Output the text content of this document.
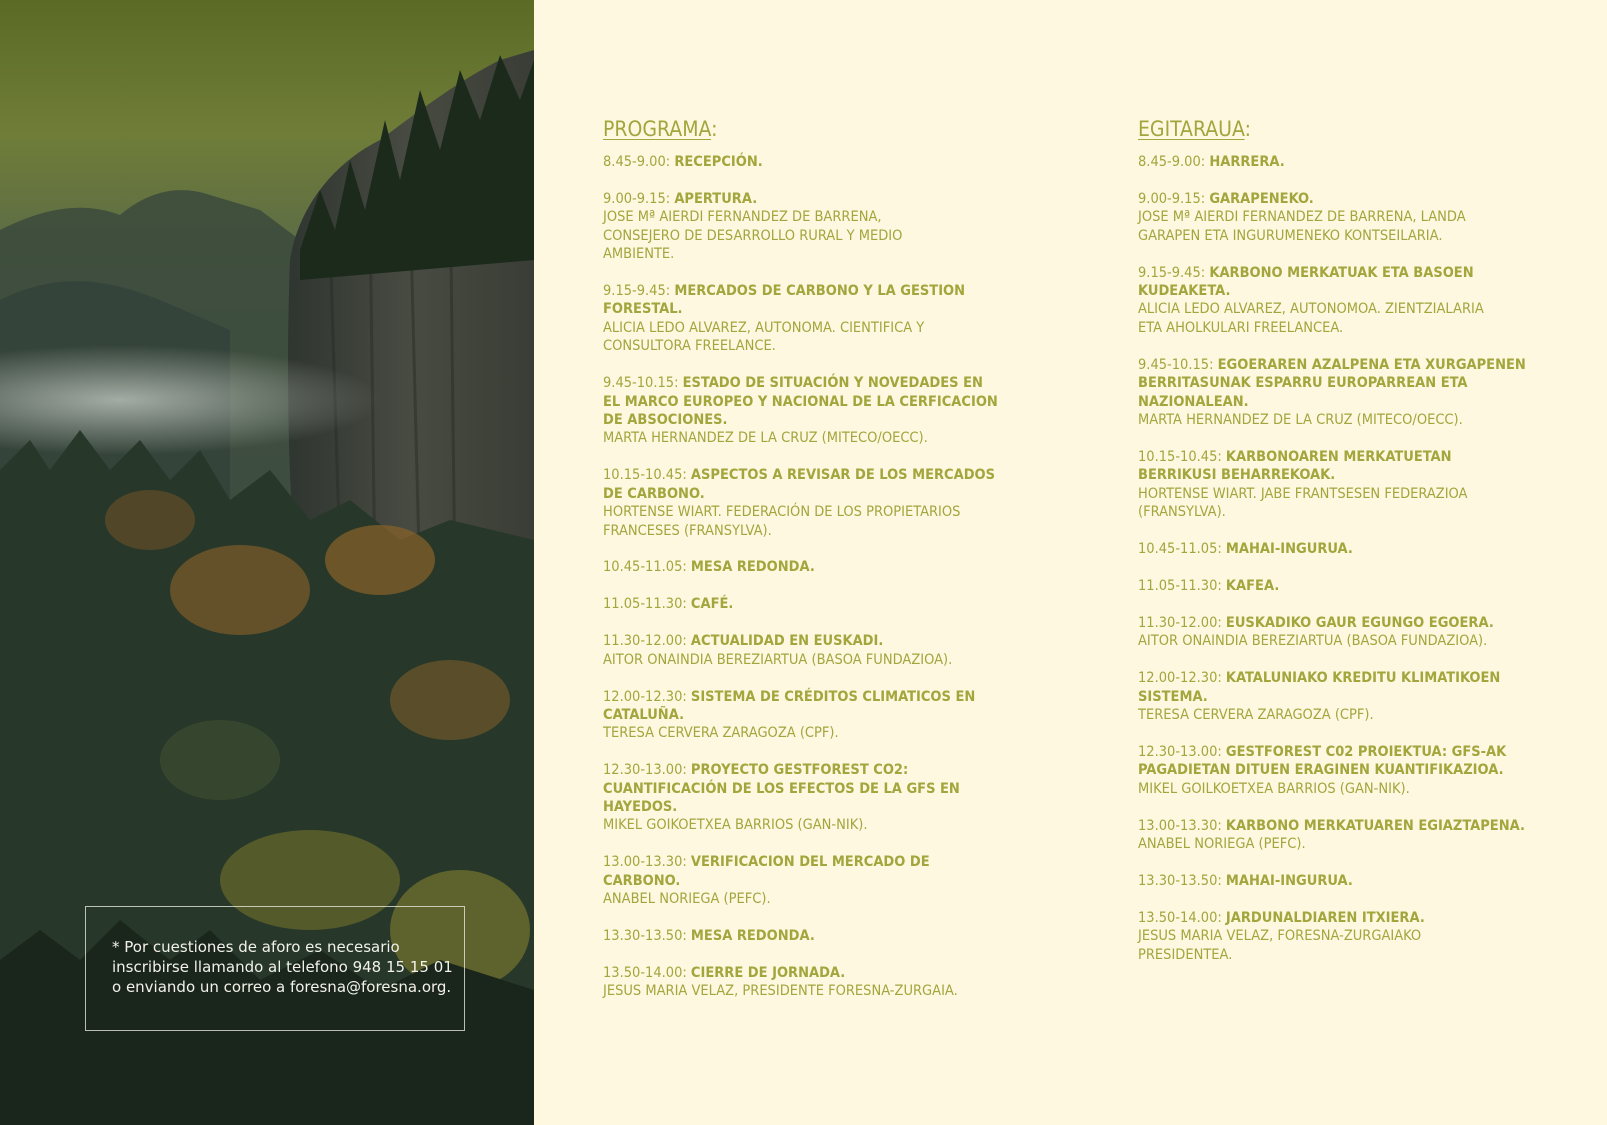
* Por cuestiones de aforo es necesario
inscribirse llamando al telefono 948 15 15 01
o enviando un correo a foresna@foresna.org.
PROGRAMA:
8.45-9.00: RECEPCIÓN.
9.00-9.15: APERTURA.
JOSE Mª AIERDI FERNANDEZ DE BARRENA,
CONSEJERO DE DESARROLLO RURAL Y MEDIO
AMBIENTE.
9.15-9.45: MERCADOS DE CARBONO Y LA GESTION
FORESTAL.
ALICIA LEDO ALVAREZ, AUTONOMA. CIENTIFICA Y
CONSULTORA FREELANCE.
9.45-10.15: ESTADO DE SITUACIÓN Y NOVEDADES EN
EL MARCO EUROPEO Y NACIONAL DE LA CERFICACION
DE ABSOCIONES.
MARTA HERNANDEZ DE LA CRUZ (MITECO/OECC).
10.15-10.45: ASPECTOS A REVISAR DE LOS MERCADOS
DE CARBONO.
HORTENSE WIART. FEDERACIÓN DE LOS PROPIETARIOS
FRANCESES (FRANSYLVA).
10.45-11.05: MESA REDONDA.
11.05-11.30: CAFÉ.
11.30-12.00: ACTUALIDAD EN EUSKADI.
AITOR ONAINDIA BEREZIARTUA (BASOA FUNDAZIOA).
12.00-12.30: SISTEMA DE CRÉDITOS CLIMATICOS EN
CATALUÑA.
TERESA CERVERA ZARAGOZA (CPF).
12.30-13.00: PROYECTO GESTFOREST CO2:
CUANTIFICACIÓN DE LOS EFECTOS DE LA GFS EN
HAYEDOS.
MIKEL GOIKOETXEA BARRIOS (GAN-NIK).
13.00-13.30: VERIFICACION DEL MERCADO DE
CARBONO.
ANABEL NORIEGA (PEFC).
13.30-13.50: MESA REDONDA.
13.50-14.00: CIERRE DE JORNADA.
JESUS MARIA VELAZ, PRESIDENTE FORESNA-ZURGAIA.
EGITARAUA:
8.45-9.00: HARRERA.
9.00-9.15: GARAPENEKO.
JOSE Mª AIERDI FERNANDEZ DE BARRENA, LANDA
GARAPEN ETA INGURUMENEKO KONTSEILARIA.
9.15-9.45: KARBONO MERKATUAK ETA BASOEN
KUDEAKETA.
ALICIA LEDO ALVAREZ, AUTONOMOA. ZIENTZIALARIA
ETA AHOLKULARI FREELANCEA.
9.45-10.15: EGOERAREN AZALPENA ETA XURGAPENEN
BERRITASUNAK ESPARRU EUROPARREAN ETA
NAZIONALEAN.
MARTA HERNANDEZ DE LA CRUZ (MITECO/OECC).
10.15-10.45: KARBONOAREN MERKATUETAN
BERRIKUSI BEHARREKOAK.
HORTENSE WIART. JABE FRANTSESEN FEDERAZIOA
(FRANSYLVA).
10.45-11.05: MAHAI-INGURUA.
11.05-11.30: KAFEA.
11.30-12.00: EUSKADIKO GAUR EGUNGO EGOERA.
AITOR ONAINDIA BEREZIARTUA (BASOA FUNDAZIOA).
12.00-12.30: KATALUNIAKO KREDITU KLIMATIKOEN
SISTEMA.
TERESA CERVERA ZARAGOZA (CPF).
12.30-13.00: GESTFOREST C02 PROIEKTUA: GFS-AK
PAGADIETAN DITUEN ERAGINEN KUANTIFIKAZIOA.
MIKEL GOILKOETXEA BARRIOS (GAN-NIK).
13.00-13.30: KARBONO MERKATUAREN EGIAZTAPENA.
ANABEL NORIEGA (PEFC).
13.30-13.50: MAHAI-INGURUA.
13.50-14.00: JARDUNALDIAREN ITXIERA.
JESUS MARIA VELAZ, FORESNA-ZURGAIAKO
PRESIDENTEA.
